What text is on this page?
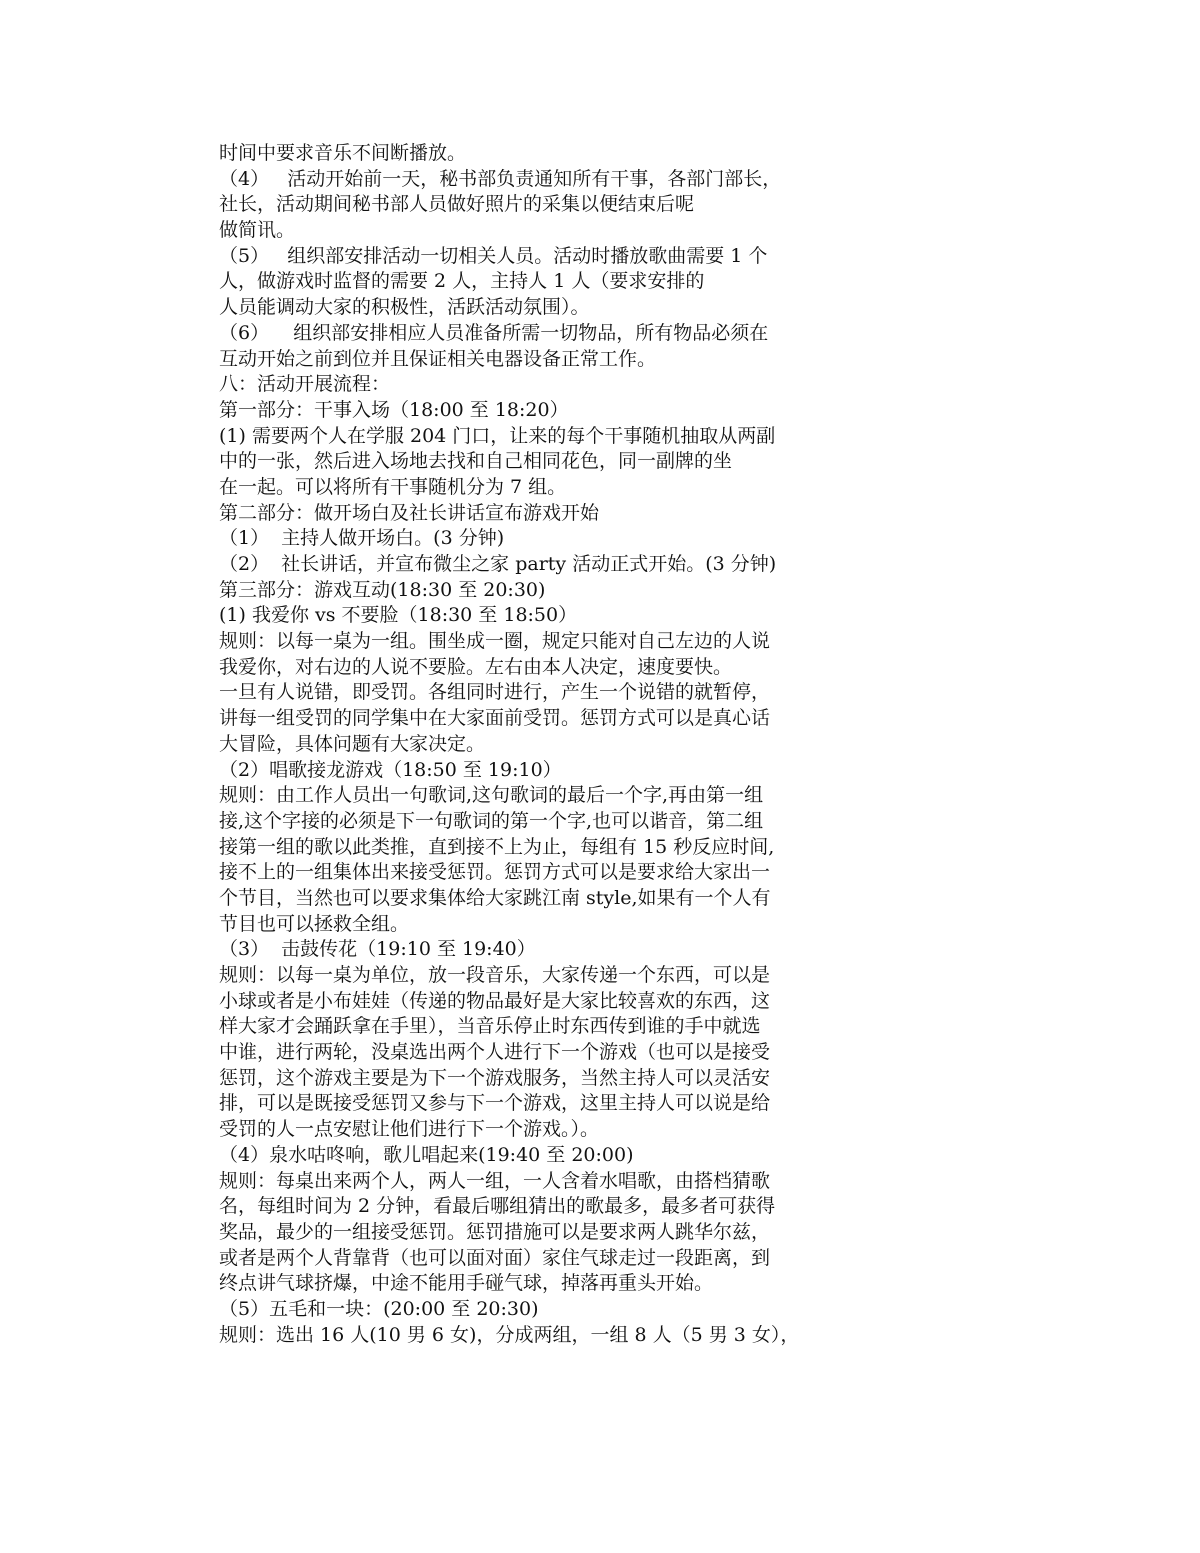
时间中要求音乐不间断播放。
（4）   活动开始前一天，秘书部负责通知所有干事，各部门部长，
社长，活动期间秘书部人员做好照片的采集以便结束后呢
做简讯。
（5）   组织部安排活动一切相关人员。活动时播放歌曲需要 1 个
人，做游戏时监督的需要 2 人，主持人 1 人（要求安排的
人员能调动大家的积极性，活跃活动氛围）。
（6）    组织部安排相应人员准备所需一切物品，所有物品必须在
互动开始之前到位并且保证相关电器设备正常工作。
八：活动开展流程：
第一部分：干事入场（18:00 至 18:20）
(1) 需要两个人在学服 204 门口，让来的每个干事随机抽取从两副
中的一张，然后进入场地去找和自己相同花色，同一副牌的坐
在一起。可以将所有干事随机分为 7 组。
第二部分：做开场白及社长讲话宣布游戏开始
（1）  主持人做开场白。(3 分钟)
（2）  社长讲话，并宣布微尘之家 party 活动正式开始。(3 分钟)
第三部分：游戏互动(18:30 至 20:30)
(1) 我爱你 vs 不要脸（18:30 至 18:50）
规则：以每一桌为一组。围坐成一圈，规定只能对自己左边的人说
我爱你，对右边的人说不要脸。左右由本人决定，速度要快。
一旦有人说错，即受罚。各组同时进行，产生一个说错的就暂停，
讲每一组受罚的同学集中在大家面前受罚。惩罚方式可以是真心话
大冒险，具体问题有大家决定。
（2）唱歌接龙游戏（18:50 至 19:10）
规则：由工作人员出一句歌词,这句歌词的最后一个字,再由第一组
接,这个字接的必须是下一句歌词的第一个字,也可以谐音，第二组
接第一组的歌以此类推，直到接不上为止，每组有 15 秒反应时间,
接不上的一组集体出来接受惩罚。惩罚方式可以是要求给大家出一
个节目，当然也可以要求集体给大家跳江南 style,如果有一个人有
节目也可以拯救全组。
（3）  击鼓传花（19:10 至 19:40）
规则：以每一桌为单位，放一段音乐，大家传递一个东西，可以是
小球或者是小布娃娃（传递的物品最好是大家比较喜欢的东西，这
样大家才会踊跃拿在手里），当音乐停止时东西传到谁的手中就选
中谁，进行两轮，没桌选出两个人进行下一个游戏（也可以是接受
惩罚，这个游戏主要是为下一个游戏服务，当然主持人可以灵活安
排，可以是既接受惩罚又参与下一个游戏，这里主持人可以说是给
受罚的人一点安慰让他们进行下一个游戏。）。
（4）泉水咕咚响，歌儿唱起来(19:40 至 20:00)
规则：每桌出来两个人，两人一组，一人含着水唱歌，由搭档猜歌
名，每组时间为 2 分钟，看最后哪组猜出的歌最多，最多者可获得
奖品，最少的一组接受惩罚。惩罚措施可以是要求两人跳华尔兹，
或者是两个人背靠背（也可以面对面）家住气球走过一段距离，到
终点讲气球挤爆，中途不能用手碰气球，掉落再重头开始。
（5）五毛和一块：(20:00 至 20:30)
规则：选出 16 人(10 男 6 女)，分成两组，一组 8 人（5 男 3 女），
